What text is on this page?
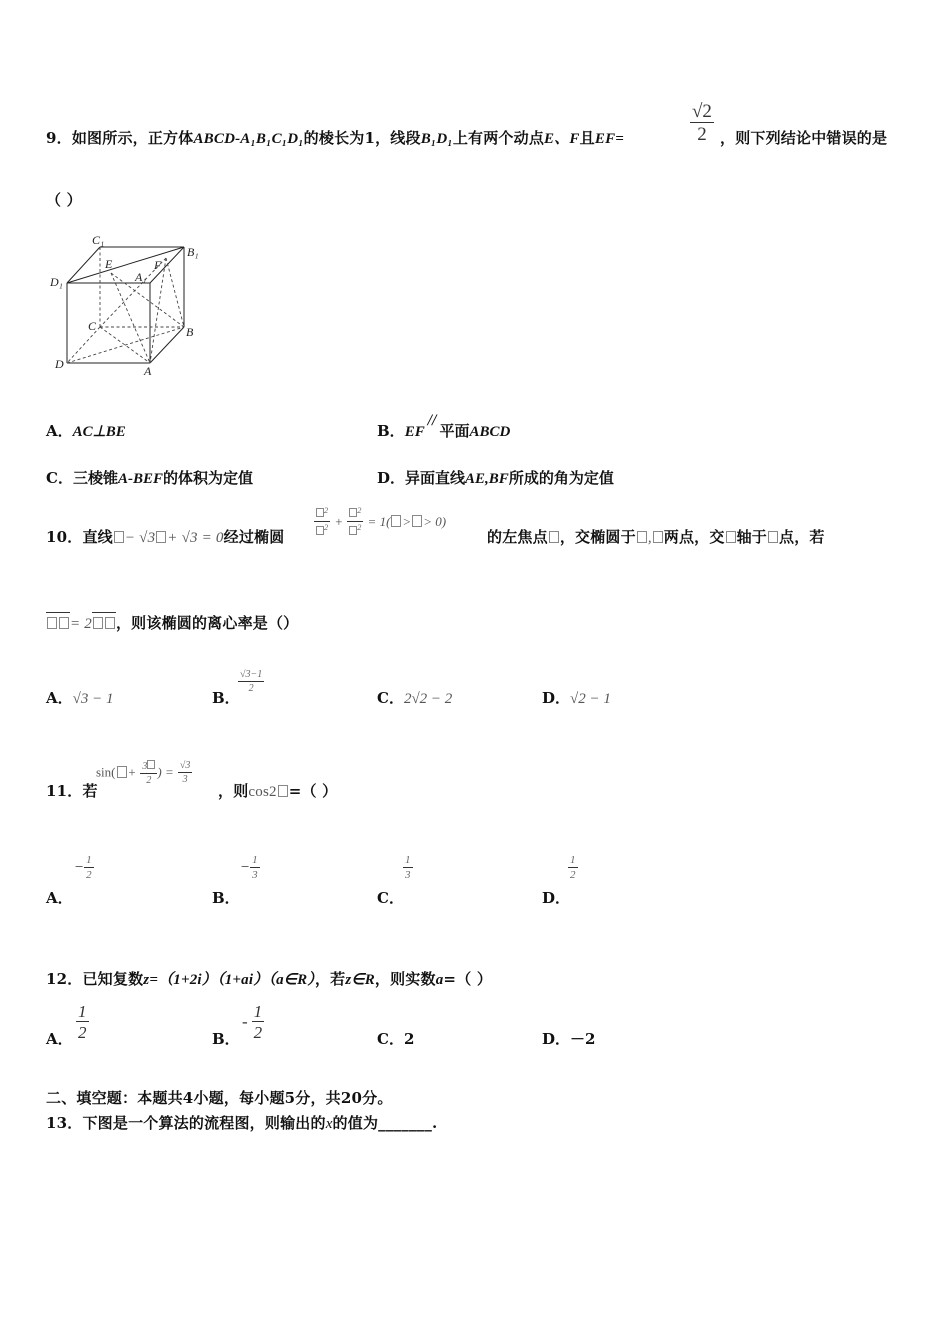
9．如图所示，正方体ABCD-A₁B₁C₁D₁的棱长为1，线段B₁D₁上有两个动点E、F且EF=	$\frac{√2}{2}$ ，则下列结论中错误的是
（ ）
C₁
B₁
D₁	A₁
E	F
C	B
D	A
A．AC⊥BE	B．EF//平面ABCD
C．三棱锥A-BEF的体积为定值	D．异面直线AE,BF所成的角为定值
10．直线 − √3 + √3 = 0经过椭圆	$\frac{^2}{^2} + \frac{^2}{^2} = 1$( > > 0)
的左焦点 ，交椭圆于 , 两点，交 轴于 点，若
= 2 ，则该椭圆的离心率是（）
A．√3 − 1	B．
$\frac{√3-1}{2}$
C．2√2 − 2	D．√2 − 1
11．若
$\sin( + \frac{3}{2}$ ) = $\frac{√3}{3}$
，则cos2 =（ ）
A．
− $\frac{1}{2}$
B．
− $\frac{1}{3}$
C．
$\frac{1}{3}$
D．
$\frac{1}{2}$
12．已知复数z=（1+2i）（1+ai）（a∈R），若z∈R，则实数a=（ ）
A． $\frac{1}{2}$	B．
- $\frac{1}{2}$	C．2	D．－2
二、填空题：本题共4小题，每小题5分，共20分。
13．下图是一个算法的流程图，则输出的x的值为_______.
